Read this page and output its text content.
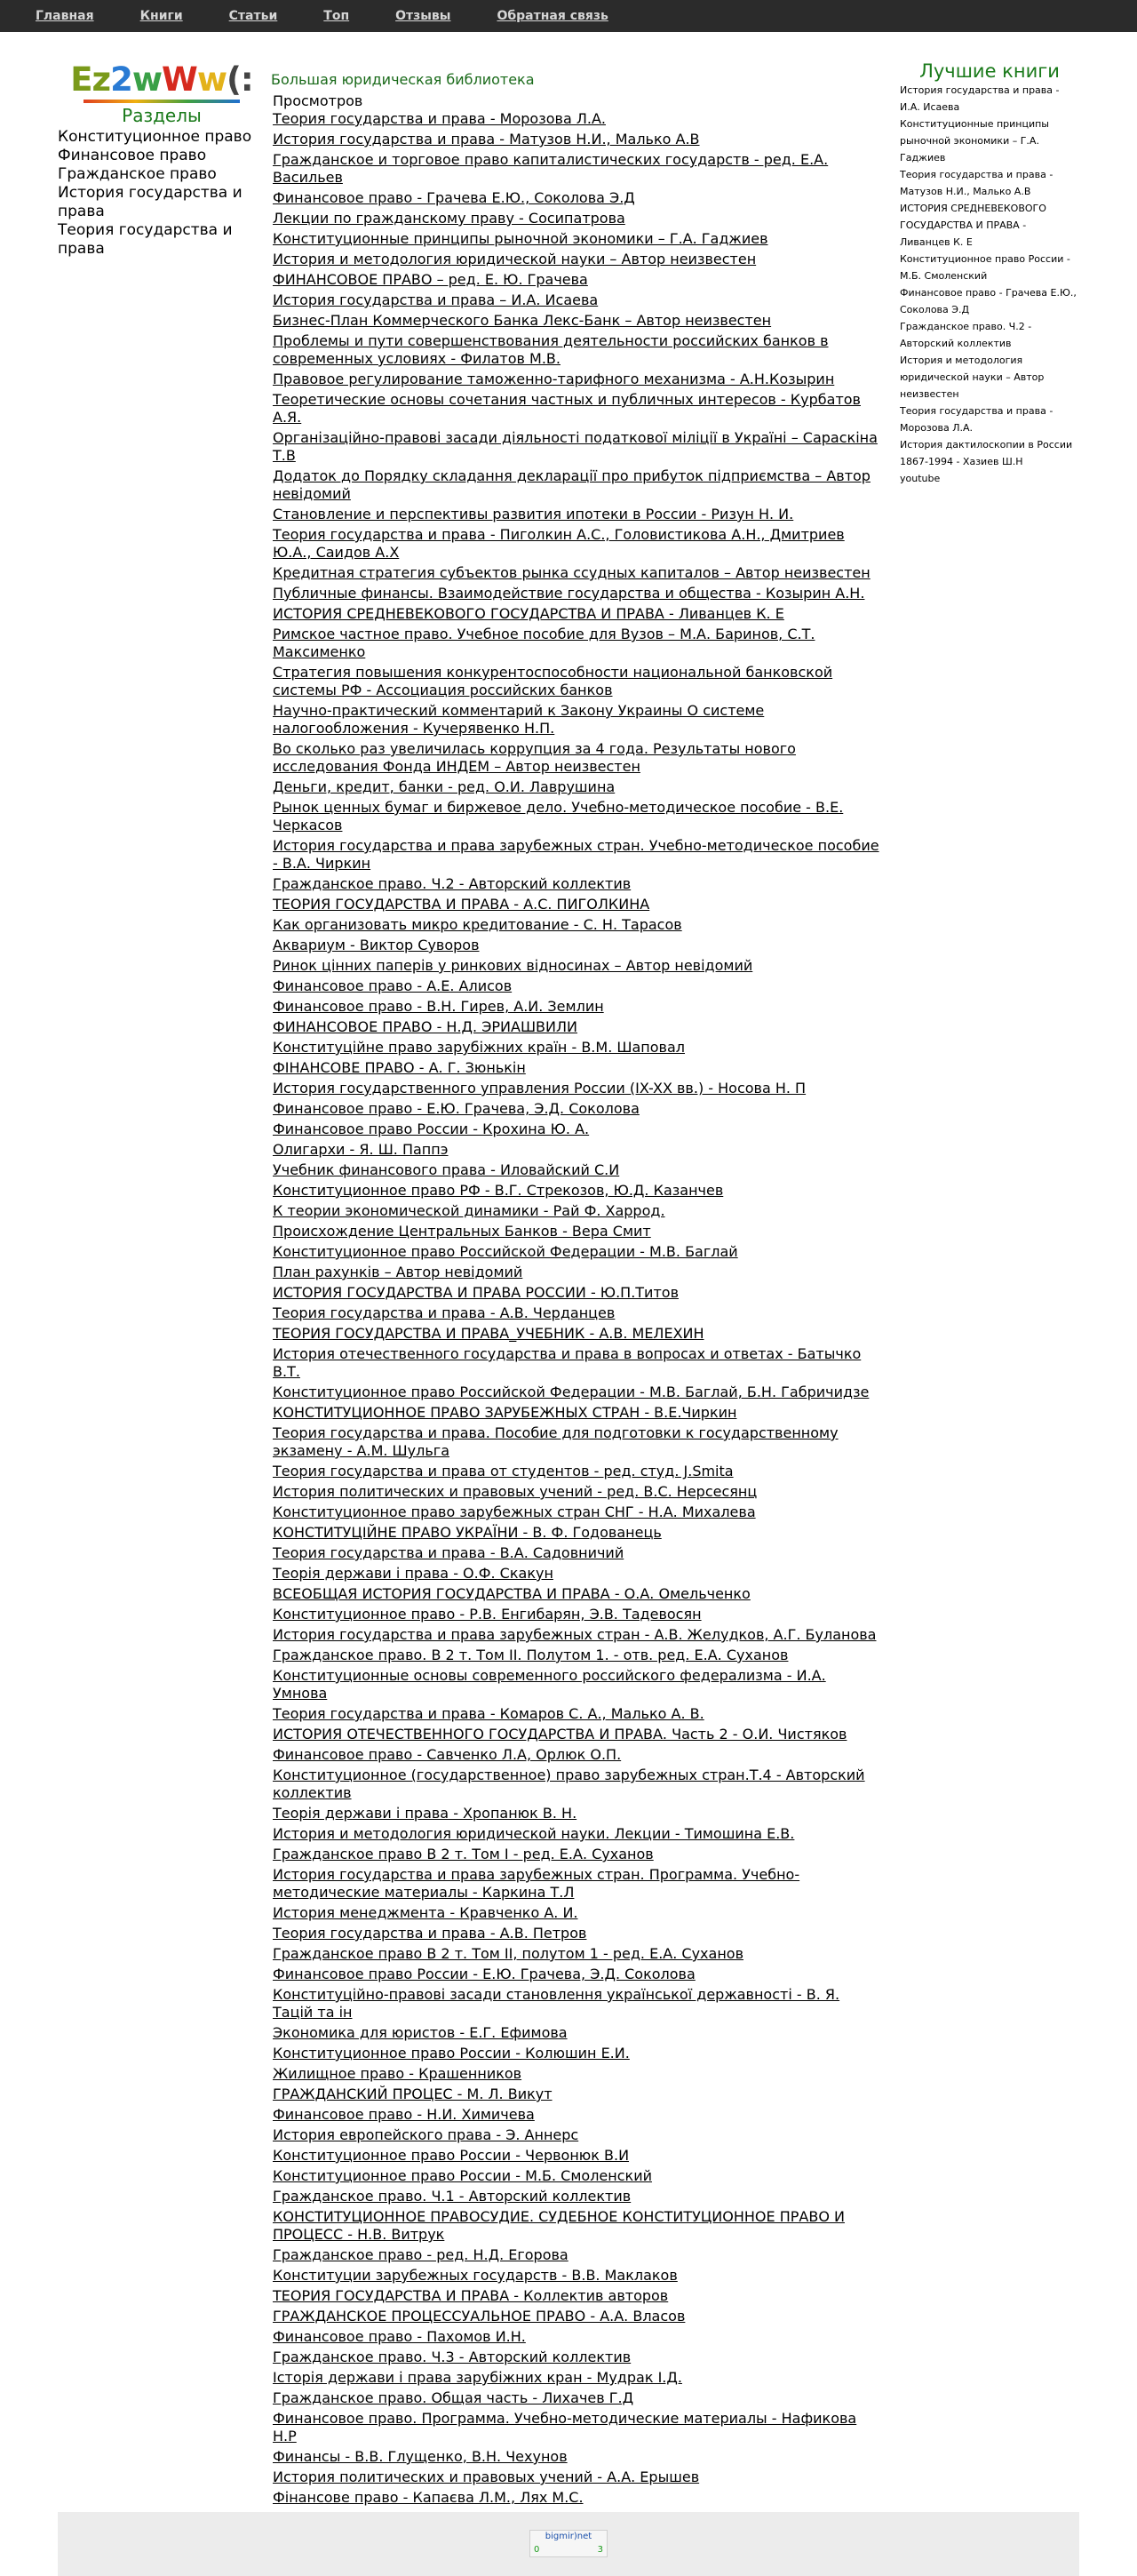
Главная	Книги	Статьи	Топ	Отзывы	Обратная связь
Ez 2 w W w (:
Разделы
Конституционное право
Финансовое право
Гражданское право
История государства и права
Теория государства и права
Большая юридическая библиотека
Просмотров
Теория государства и права - Морозова Л.А.
История государства и права - Матузов Н.И., Малько А.В
Гражданское и торговое право капиталистических государств - ред. Е.А. Васильев
Финансовое право - Грачева Е.Ю., Соколова Э.Д
Лекции по гражданскому праву - Сосипатрова
Конституционные принципы рыночной экономики – Г.А. Гаджиев
История и методология юридической науки – Автор неизвестен
ФИНАНСОВОЕ ПРАВО – ред. Е. Ю. Грачева
История государства и права – И.А. Исаева
Бизнес-План Коммерческого Банка Лекс-Банк – Автор неизвестен
Проблемы и пути совершенствования деятельности российских банков в современных условиях - Филатов М.В.
Правовое регулирование таможенно-тарифного механизма - А.Н.Козырин
Теоретические основы сочетания частных и публичных интересов - Курбатов А.Я.
Організаційно-правові засади діяльності податкової міліції в Україні – Сараскіна Т.В
Додаток до Порядку складання декларації про прибуток підприємства – Автор невідомий
Становление и перспективы развития ипотеки в России - Ризун Н. И.
Теория государства и права - Пиголкин А.С., Головистикова А.Н., Дмитриев Ю.А., Саидов А.Х
Кредитная стратегия субъектов рынка ссудных капиталов – Автор неизвестен
Публичные финансы. Взаимодействие государства и общества - Козырин А.Н.
ИСТОРИЯ СРЕДНЕВЕКОВОГО ГОСУДАРСТВА И ПРАВА - Ливанцев К. Е
Римское частное право. Учебное пособие для Вузов – М.А. Баринов, С.Т. Максименко
Стратегия повышения конкурентоспособности национальной банковской системы РФ - Ассоциация российских банков
Научно-практический комментарий к Закону Украины О системе налогообложения - Кучерявенко Н.П.
Во сколько раз увеличилась коррупция за 4 года. Результаты нового исследования Фонда ИНДЕМ – Автор неизвестен
Деньги, кредит, банки - ред. О.И. Лаврушина
Рынок ценных бумаг и биржевое дело. Учебно-методическое пособие - В.Е. Черкасов
История государства и права зарубежных стран. Учебно-методическое пособие - В.А. Чиркин
Гражданское право. Ч.2 - Авторский коллектив
ТЕОРИЯ ГОСУДАРСТВА И ПРАВА - А.С. ПИГОЛКИНА
Как организовать микро кредитование - С. Н. Тарасов
Аквариум - Виктор Суворов
Ринок цінних паперів у ринкових відносинах – Автор невідомий
Финансовое право - А.Е. Алисов
Финансовое право - В.Н. Гирев, А.И. Землин
ФИНАНСОВОЕ ПРАВО - Н.Д. ЭРИАШВИЛИ
Конституційне право зарубіжних країн - В.М. Шаповал
ФІНАНСОВЕ ПРАВО - А. Г. Зюнькін
История государственного управления России (IX-XX вв.) - Носова Н. П
Финансовое право - Е.Ю. Грачева, Э.Д. Соколова
Финансовое право России - Крохина Ю. А.
Олигархи - Я. Ш. Паппэ
Учебник финансового права - Иловайский С.И
Конституционное право РФ - В.Г. Стрекозов, Ю.Д. Казанчев
К теории экономической динамики - Рай Ф. Харрод.
Происхождение Центральных Банков - Вера Смит
Конституционное право Российской Федерации - М.В. Баглай
План рахунків – Автор невідомий
ИСТОРИЯ ГОСУДАРСТВА И ПРАВА РОССИИ - Ю.П.Титов
Теория государства и права - А.В. Черданцев
ТЕОРИЯ ГОСУДАРСТВА И ПРАВА_УЧЕБНИК - А.В. МЕЛЕХИН
История отечественного государства и права в вопросах и ответах - Батычко В.Т.
Конституционное право Российской Федерации - М.В. Баглай, Б.Н. Габричидзе
КОНСТИТУЦИОННОЕ ПРАВО ЗАРУБЕЖНЫХ СТРАН - В.Е.Чиркин
Теория государства и права. Пособие для подготовки к государственному экзамену - А.М. Шульга
Теория государства и права от студентов - ред. студ. J.Smita
История политических и правовых учений - ред. В.С. Нерсесянц
Конституционное право зарубежных стран СНГ - Н.А. Михалева
КОНСТИТУЦІЙНЕ ПРАВО УКРАЇНИ - В. Ф. Годованець
Теория государства и права - В.А. Садовничий
Теорія держави і права - О.Ф. Скакун
ВСЕОБЩАЯ ИСТОРИЯ ГОСУДАРСТВА И ПРАВА - О.А. Омельченко
Конституционное право - Р.В. Енгибарян, Э.В. Тадевосян
История государства и права зарубежных стран - А.В. Желудков, А.Г. Буланова
Гражданское право. В 2 т. Том II. Полутом 1. - отв. ред. Е.А. Суханов
Конституционные основы современного российского федерализма - И.А. Умнова
Теория государства и права - Комаров С. А., Малько А. В.
ИСТОРИЯ ОТЕЧЕСТВЕННОГО ГОСУДАРСТВА И ПРАВА. Часть 2 - О.И. Чистяков
Финансовое право - Савченко Л.А, Орлюк О.П.
Конституционное (государственное) право зарубежных стран.Т.4 - Авторский коллектив
Теорія держави і права - Хропанюк В. Н.
История и методология юридической науки. Лекции - Тимошина Е.В.
Гражданское право В 2 т. Том I - ред. Е.А. Суханов
История государства и права зарубежных стран. Программа. Учебно-методические материалы - Каркина Т.Л
История менеджмента - Кравченко А. И.
Теория государства и права - А.В. Петров
Гражданское право В 2 т. Том II, полутом 1 - ред. Е.А. Суханов
Финансовое право России - Е.Ю. Грачева, Э.Д. Соколова
Конституційно-правові засади становлення української державності - В. Я. Тацій та ін
Экономика для юристов - Е.Г. Ефимова
Конституционное право России - Колюшин Е.И.
Жилищное право - Крашенников
ГРАЖДАНСКИЙ ПРОЦЕС - М. Л. Викут
Финансовое право - Н.И. Химичева
История европейского права - Э. Аннерс
Конституционное право России - Червонюк В.И
Конституционное право России - М.Б. Смоленский
Гражданское право. Ч.1 - Авторский коллектив
КОНСТИТУЦИОННОЕ ПРАВОСУДИЕ. СУДЕБНОЕ КОНСТИТУЦИОННОЕ ПРАВО И ПРОЦЕСС - Н.В. Витрук
Гражданское право - ред. Н.Д. Егорова
Конституции зарубежных государств - В.В. Маклаков
ТЕОРИЯ ГОСУДАРСТВА И ПРАВА - Коллектив авторов
ГРАЖДАНСКОЕ ПРОЦЕССУАЛЬНОЕ ПРАВО - А.А. Власов
Финансовое право - Пахомов И.Н.
Гражданское право. Ч.3 - Авторский коллектив
Історія держави і права зарубіжних кран - Мудрак І.Д.
Гражданское право. Общая часть - Лихачев Г.Д
Финансовое право. Программа. Учебно-методические материалы - Нафикова Н.Р
Финансы - В.В. Глущенко, В.Н. Чехунов
История политических и правовых учений - А.А. Ерышев
Фінансове право - Капаєва Л.М., Лях М.С.
Лучшие книги
История государства и права - И.А. Исаева
Конституционные принципы рыночной экономики – Г.А. Гаджиев
Теория государства и права - Матузов Н.И., Малько А.В
ИСТОРИЯ СРЕДНЕВЕКОВОГО ГОСУДАРСТВА И ПРАВА - Ливанцев К. Е
Конституционное право России - М.Б. Смоленский
Финансовое право - Грачева Е.Ю., Соколова Э.Д
Гражданское право. Ч.2 - Авторский коллектив
История и методология юридической науки – Автор неизвестен
Теория государства и права - Морозова Л.А.
История дактилоскопии в России 1867-1994 - Хазиев Ш.Н
youtube
bigmir)net
0	3
